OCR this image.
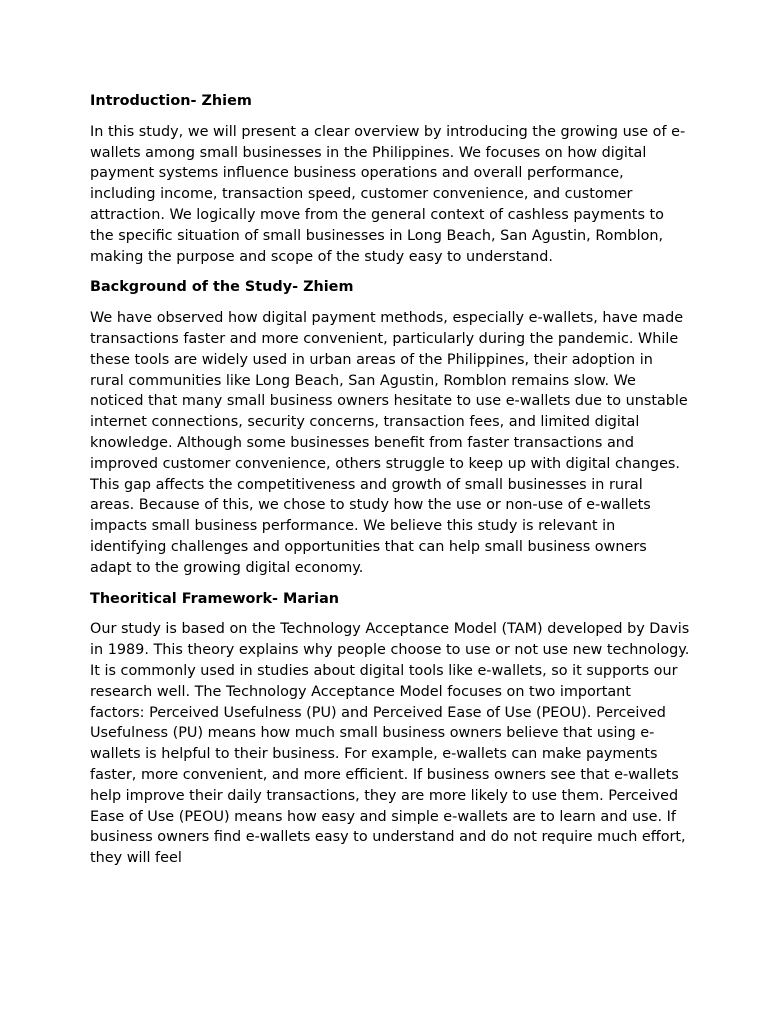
Introduction- Zhiem

In this study, we will present a clear overview by introducing the growing use of e-wallets among small businesses in the Philippines. We focuses on how digital payment systems influence business operations and overall performance, including income, transaction speed, customer convenience, and customer attraction. We logically move from the general context of cashless payments to the specific situation of small businesses in Long Beach, San Agustin, Romblon, making the purpose and scope of the study easy to understand.

Background of the Study- Zhiem

We have observed how digital payment methods, especially e-wallets, have made transactions faster and more convenient, particularly during the pandemic. While these tools are widely used in urban areas of the Philippines, their adoption in rural communities like Long Beach, San Agustin, Romblon remains slow. We noticed that many small business owners hesitate to use e-wallets due to unstable internet connections, security concerns, transaction fees, and limited digital knowledge. Although some businesses benefit from faster transactions and improved customer convenience, others struggle to keep up with digital changes. This gap affects the competitiveness and growth of small businesses in rural areas. Because of this, we chose to study how the use or non-use of e-wallets impacts small business performance. We believe this study is relevant in identifying challenges and opportunities that can help small business owners adapt to the growing digital economy.

Theoritical Framework- Marian

Our study is based on the Technology Acceptance Model (TAM) developed by Davis in 1989. This theory explains why people choose to use or not use new technology. It is commonly used in studies about digital tools like e-wallets, so it supports our research well. The Technology Acceptance Model focuses on two important factors: Perceived Usefulness (PU) and Perceived Ease of Use (PEOU). Perceived Usefulness (PU) means how much small business owners believe that using e-wallets is helpful to their business. For example, e-wallets can make payments faster, more convenient, and more efficient. If business owners see that e-wallets help improve their daily transactions, they are more likely to use them. Perceived Ease of Use (PEOU) means how easy and simple e-wallets are to learn and use. If business owners find e-wallets easy to understand and do not require much effort, they will feel
